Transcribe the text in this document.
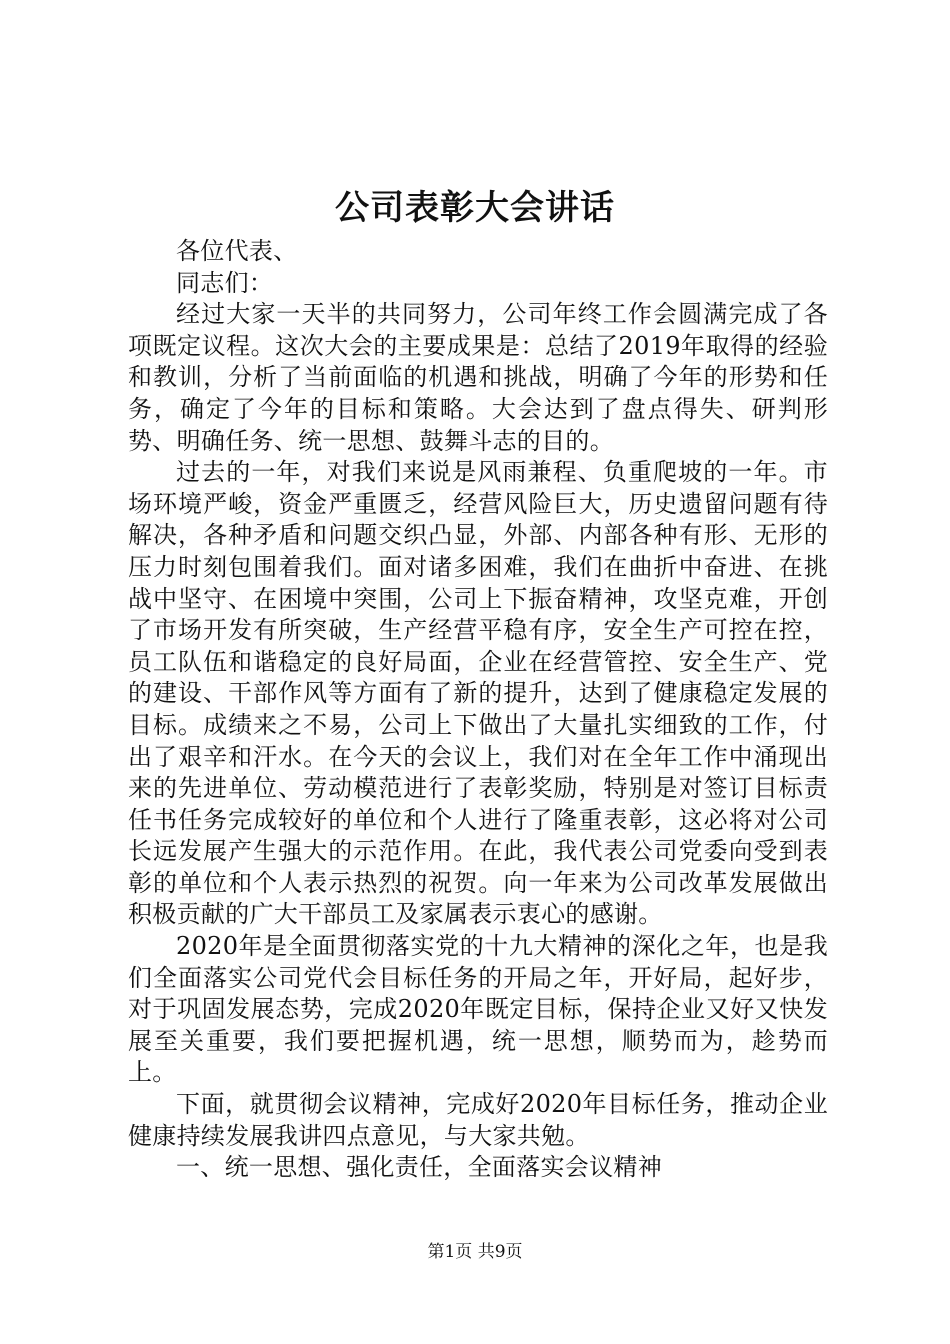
公司表彰大会讲话

各位代表、

同志们：

经过大家一天半的共同努力，公司年终工作会圆满完成了各项既定议程。这次大会的主要成果是：总结了2019年取得的经验和教训，分析了当前面临的机遇和挑战，明确了今年的形势和任务，确定了今年的目标和策略。大会达到了盘点得失、研判形势、明确任务、统一思想、鼓舞斗志的目的。

过去的一年，对我们来说是风雨兼程、负重爬坡的一年。市场环境严峻，资金严重匮乏，经营风险巨大，历史遗留问题有待解决，各种矛盾和问题交织凸显，外部、内部各种有形、无形的压力时刻包围着我们。面对诸多困难，我们在曲折中奋进、在挑战中坚守、在困境中突围，公司上下振奋精神，攻坚克难，开创了市场开发有所突破，生产经营平稳有序，安全生产可控在控，员工队伍和谐稳定的良好局面，企业在经营管控、安全生产、党的建设、干部作风等方面有了新的提升，达到了健康稳定发展的目标。成绩来之不易，公司上下做出了大量扎实细致的工作，付出了艰辛和汗水。在今天的会议上，我们对在全年工作中涌现出来的先进单位、劳动模范进行了表彰奖励，特别是对签订目标责任书任务完成较好的单位和个人进行了隆重表彰，这必将对公司长远发展产生强大的示范作用。在此，我代表公司党委向受到表彰的单位和个人表示热烈的祝贺。向一年来为公司改革发展做出积极贡献的广大干部员工及家属表示衷心的感谢。

2020年是全面贯彻落实党的十九大精神的深化之年，也是我们全面落实公司党代会目标任务的开局之年，开好局，起好步，对于巩固发展态势，完成2020年既定目标，保持企业又好又快发展至关重要，我们要把握机遇，统一思想，顺势而为，趁势而上。

下面，就贯彻会议精神，完成好2020年目标任务，推动企业健康持续发展我讲四点意见，与大家共勉。

一、统一思想、强化责任，全面落实会议精神

第1页 共9页
